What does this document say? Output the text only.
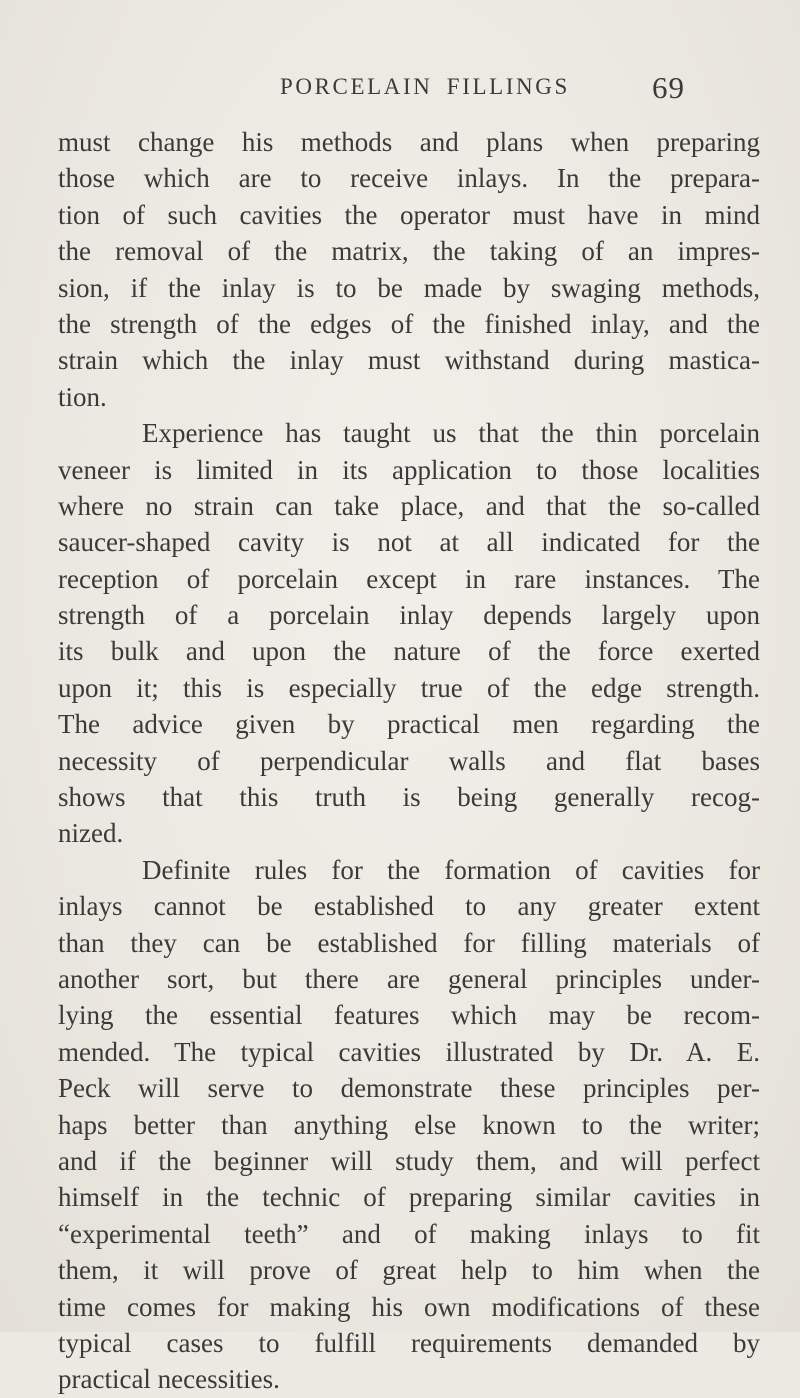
PORCELAIN FILLINGS	69
must change his methods and plans when preparing
those which are to receive inlays. In the prepara-
tion of such cavities the operator must have in mind
the removal of the matrix, the taking of an impres-
sion, if the inlay is to be made by swaging methods,
the strength of the edges of the finished inlay, and the
strain which the inlay must withstand during mastica-
tion.
Experience has taught us that the thin porcelain
veneer is limited in its application to those localities
where no strain can take place, and that the so-called
saucer-shaped cavity is not at all indicated for the
reception of porcelain except in rare instances. The
strength of a porcelain inlay depends largely upon
its bulk and upon the nature of the force exerted
upon it; this is especially true of the edge strength.
The advice given by practical men regarding the
necessity of perpendicular walls and flat bases
shows that this truth is being generally recog-
nized.
Definite rules for the formation of cavities for
inlays cannot be established to any greater extent
than they can be established for filling materials of
another sort, but there are general principles under-
lying the essential features which may be recom-
mended. The typical cavities illustrated by Dr. A. E.
Peck will serve to demonstrate these principles per-
haps better than anything else known to the writer;
and if the beginner will study them, and will perfect
himself in the technic of preparing similar cavities in
“experimental teeth” and of making inlays to fit
them, it will prove of great help to him when the
time comes for making his own modifications of these
typical cases to fulfill requirements demanded by
practical necessities.
